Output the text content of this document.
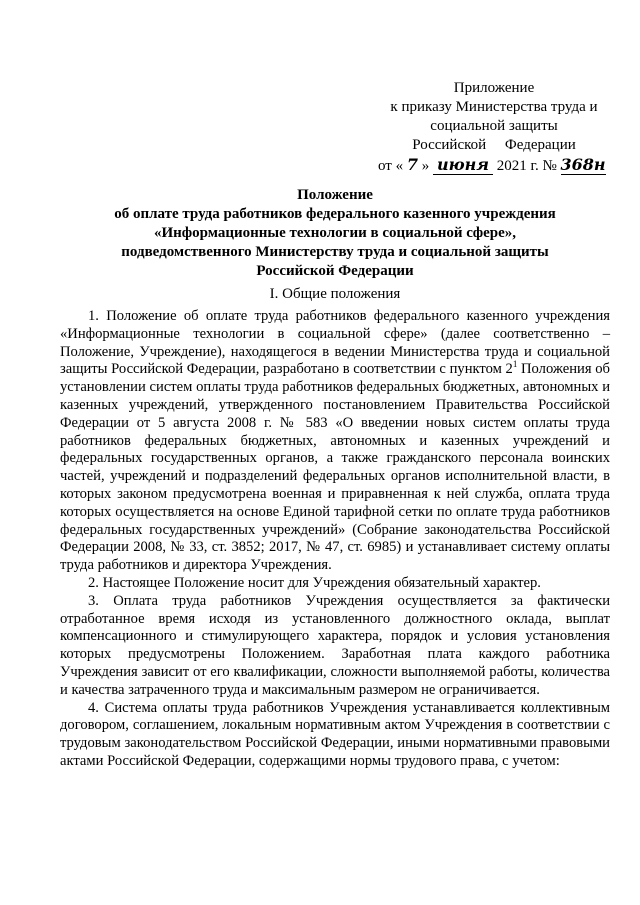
Приложение
к приказу Министерства труда и
социальной защиты
Российской Федерации
от « 7 » июня 2021 г. № 368н
Положение
об оплате труда работников федерального казенного учреждения
«Информационные технологии в социальной сфере»,
подведомственного Министерству труда и социальной защиты
Российской Федерации
I. Общие положения

1. Положение об оплате труда работников федерального казенного учреждения «Информационные технологии в социальной сфере» (далее соответственно – Положение, Учреждение), находящегося в ведении Министерства труда и социальной защиты Российской Федерации, разработано в соответствии с пунктом $2^1$ Положения об установлении систем оплаты труда работников федеральных бюджетных, автономных и казенных учреждений, утвержденного постановлением Правительства Российской Федерации от 5 августа 2008 г. № 583 «О введении новых систем оплаты труда работников федеральных бюджетных, автономных и казенных учреждений и федеральных государственных органов, а также гражданского персонала воинских частей, учреждений и подразделений федеральных органов исполнительной власти, в которых законом предусмотрена военная и приравненная к ней служба, оплата труда которых осуществляется на основе Единой тарифной сетки по оплате труда работников федеральных государственных учреждений» (Собрание законодательства Российской Федерации 2008, № 33, ст. 3852; 2017, № 47, ст. 6985) и устанавливает систему оплаты труда работников и директора Учреждения.

2. Настоящее Положение носит для Учреждения обязательный характер.

3. Оплата труда работников Учреждения осуществляется за фактически отработанное время исходя из установленного должностного оклада, выплат компенсационного и стимулирующего характера, порядок и условия установления которых предусмотрены Положением. Заработная плата каждого работника Учреждения зависит от его квалификации, сложности выполняемой работы, количества и качества затраченного труда и максимальным размером не ограничивается.

4. Система оплаты труда работников Учреждения устанавливается коллективным договором, соглашением, локальным нормативным актом Учреждения в соответствии с трудовым законодательством Российской Федерации, иными нормативными правовыми актами Российской Федерации, содержащими нормы трудового права, с учетом:
